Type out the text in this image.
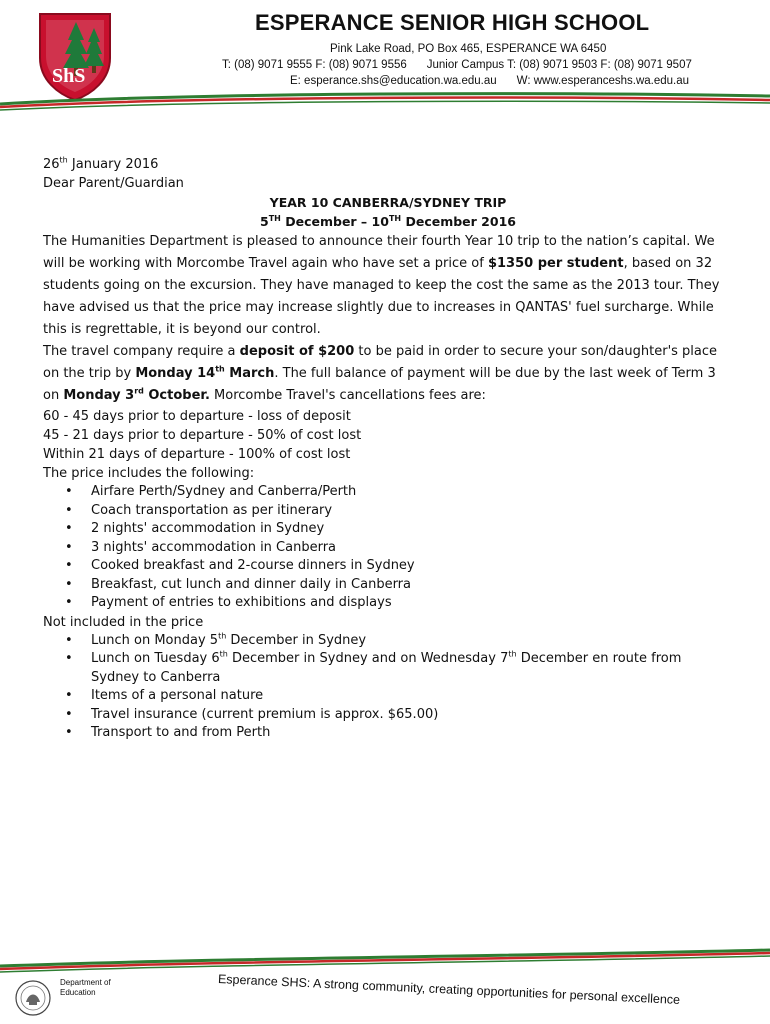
ShS
ESPERANCE SENIOR HIGH SCHOOL
Pink Lake Road, PO Box 465, ESPERANCE WA 6450
T: (08) 9071 9555 F: (08) 9071 9556 Junior Campus T: (08) 9071 9503 F: (08) 9071 9507
E: esperance.shs@education.wa.edu.au W: www.esperanceshs.wa.edu.au

26th January 2016

Dear Parent/Guardian

YEAR 10 CANBERRA/SYDNEY TRIP

5TH December – 10TH December 2016

The Humanities Department is pleased to announce their fourth Year 10 trip to the nation’s capital. We will be working with Morcombe Travel again who have set a price of $1350 per student, based on 32 students going on the excursion. They have managed to keep the cost the same as the 2013 tour. They have advised us that the price may increase slightly due to increases in QANTAS' fuel surcharge. While this is regrettable, it is beyond our control.

The travel company require a deposit of $200 to be paid in order to secure your son/daughter's place on the trip by Monday 14th March. The full balance of payment will be due by the last week of Term 3 on Monday 3rd October. Morcombe Travel's cancellations fees are:

60 - 45 days prior to departure - loss of deposit

45 - 21 days prior to departure - 50% of cost lost

Within 21 days of departure - 100% of cost lost

The price includes the following:

• Airfare Perth/Sydney and Canberra/Perth
• Coach transportation as per itinerary
• 2 nights' accommodation in Sydney
• 3 nights' accommodation in Canberra
• Cooked breakfast and 2-course dinners in Sydney
• Breakfast, cut lunch and dinner daily in Canberra
• Payment of entries to exhibitions and displays

Not included in the price

• Lunch on Monday 5th December in Sydney
• Lunch on Tuesday 6th December in Sydney and on Wednesday 7th December en route from Sydney to Canberra
• Items of a personal nature
• Travel insurance (current premium is approx. $65.00)
• Transport to and from Perth
Department of
Education	Esperance SHS: A strong community, creating opportunities for personal excellence
